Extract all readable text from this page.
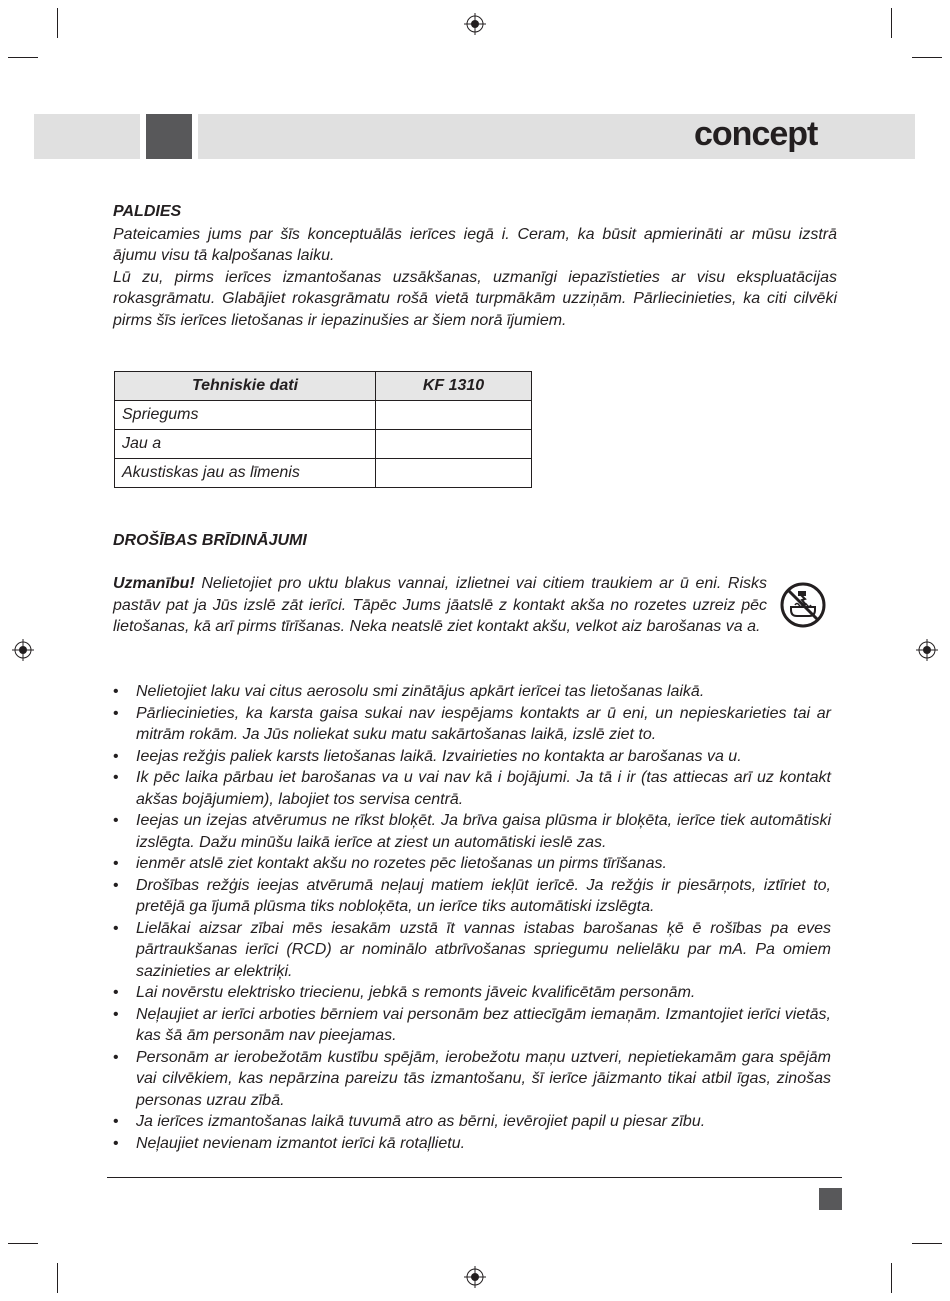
concept
PALDIES

Pateicamies jums par šīs konceptuālās ierīces iegā i. Ceram, ka būsit apmierināti ar mūsu izstrā ājumu visu tā kalpošanas laiku.

Lū zu, pirms ierīces izmantošanas uzsākšanas, uzmanīgi iepazīstieties ar visu ekspluatācijas rokasgrāmatu. Glabājiet rokasgrāmatu rošā vietā turpmākām uzziņām. Pārliecinieties, ka citi cilvēki pirms šīs ierīces lietošanas ir iepazinušies ar šiem norā ījumiem.

Tehniskie dati	KF 1310
Spriegums	
Jau a	
Akustiskas jau as līmenis	
DROŠĪBAS BRĪDINĀJUMI

Uzmanību! Nelietojiet pro uktu blakus vannai, izlietnei vai citiem traukiem ar ū eni. Risks pastāv pat ja Jūs izslē zāt ierīci. Tāpēc Jums jāatslē z kontakt akša no rozetes uzreiz pēc lietošanas, kā arī pirms tīrīšanas. Neka neatslē ziet kontakt akšu, velkot aiz barošanas va a.

• Nelietojiet laku vai citus aerosolu smi zinātājus apkārt ierīcei tas lietošanas laikā.
• Pārliecinieties, ka karsta gaisa sukai nav iespējams kontakts ar ū eni, un nepieskarieties tai ar mitrām rokām. Ja Jūs noliekat suku matu sakārtošanas laikā, izslē ziet to.
• Ieejas režģis paliek karsts lietošanas laikā. Izvairieties no kontakta ar barošanas va u.
• Ik pēc laika pārbau iet barošanas va u vai nav kā i bojājumi. Ja tā i ir (tas attiecas arī uz kontakt akšas bojājumiem), labojiet tos servisa centrā.
• Ieejas un izejas atvērumus ne rīkst bloķēt. Ja brīva gaisa plūsma ir bloķēta, ierīce tiek automātiski izslēgta. Dažu minūšu laikā ierīce at ziest un automātiski ieslē zas.
• ienmēr atslē ziet kontakt akšu no rozetes pēc lietošanas un pirms tīrīšanas.
• Drošības režģis ieejas atvērumā neļauj matiem iekļūt ierīcē. Ja režģis ir piesārņots, iztīriet to, pretējā ga ījumā plūsma tiks nobloķēta, un ierīce tiks automātiski izslēgta.
• Lielākai aizsar zībai mēs iesakām uzstā īt vannas istabas barošanas ķē ē rošības pa eves pārtraukšanas ierīci (RCD) ar nominālo atbrīvošanas spriegumu nelielāku par mA. Pa omiem sazinieties ar elektriķi.
• Lai novērstu elektrisko triecienu, jebkā s remonts jāveic kvalificētām personām.
• Neļaujiet ar ierīci arboties bērniem vai personām bez attiecīgām iemaņām. Izmantojiet ierīci vietās, kas šā ām personām nav pieejamas.
• Personām ar ierobežotām kustību spējām, ierobežotu maņu uztveri, nepietiekamām gara spējām vai cilvēkiem, kas nepārzina pareizu tās izmantošanu, šī ierīce jāizmanto tikai atbil īgas, zinošas personas uzrau zībā.
• Ja ierīces izmantošanas laikā tuvumā atro as bērni, ievērojiet papil u piesar zību.
• Neļaujiet nevienam izmantot ierīci kā rotaļlietu.
